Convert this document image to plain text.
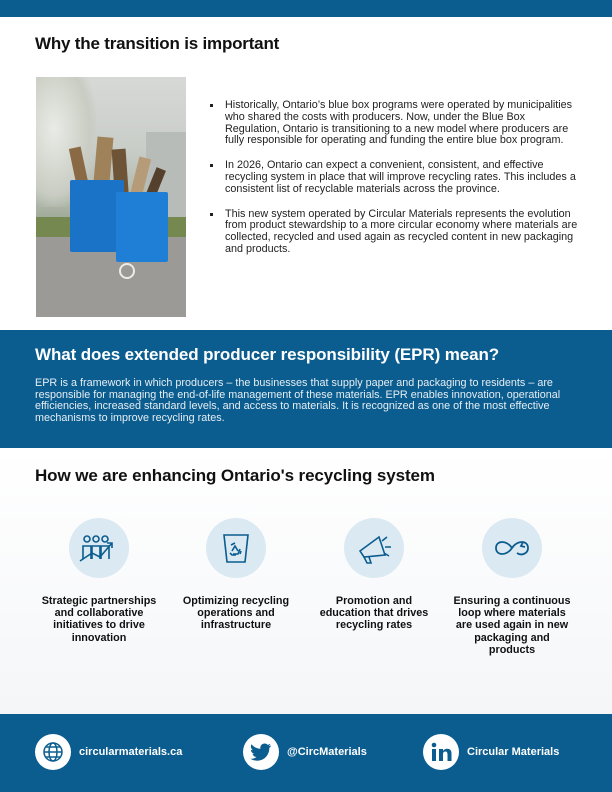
Why the transition is important
Historically, Ontario’s blue box programs were operated by municipalities who shared the costs with producers. Now, under the Blue Box Regulation, Ontario is transitioning to a new model where producers are fully responsible for operating and funding the entire blue box program.
In 2026, Ontario can expect a convenient, consistent, and effective recycling system in place that will improve recycling rates. This includes a consistent list of recyclable materials across the province.
This new system operated by Circular Materials represents the evolution from product stewardship to a more circular economy where materials are collected, recycled and used again as recycled content in new packaging and products.
What does extended producer responsibility (EPR) mean?

EPR is a framework in which producers – the businesses that supply paper and packaging to residents – are responsible for managing the end-of-life management of these materials. EPR enables innovation, operational efficiencies, increased standard levels, and access to materials. It is recognized as one of the most effective mechanisms to improve recycling rates.

How we are enhancing Ontario's recycling system
Strategic partnerships and collaborative initiatives to drive innovation
Optimizing recycling operations and infrastructure
Promotion and education that drives recycling rates
Ensuring a continuous loop where materials are used again in new packaging and products
circularmaterials.ca	@CircMaterials	Circular Materials
